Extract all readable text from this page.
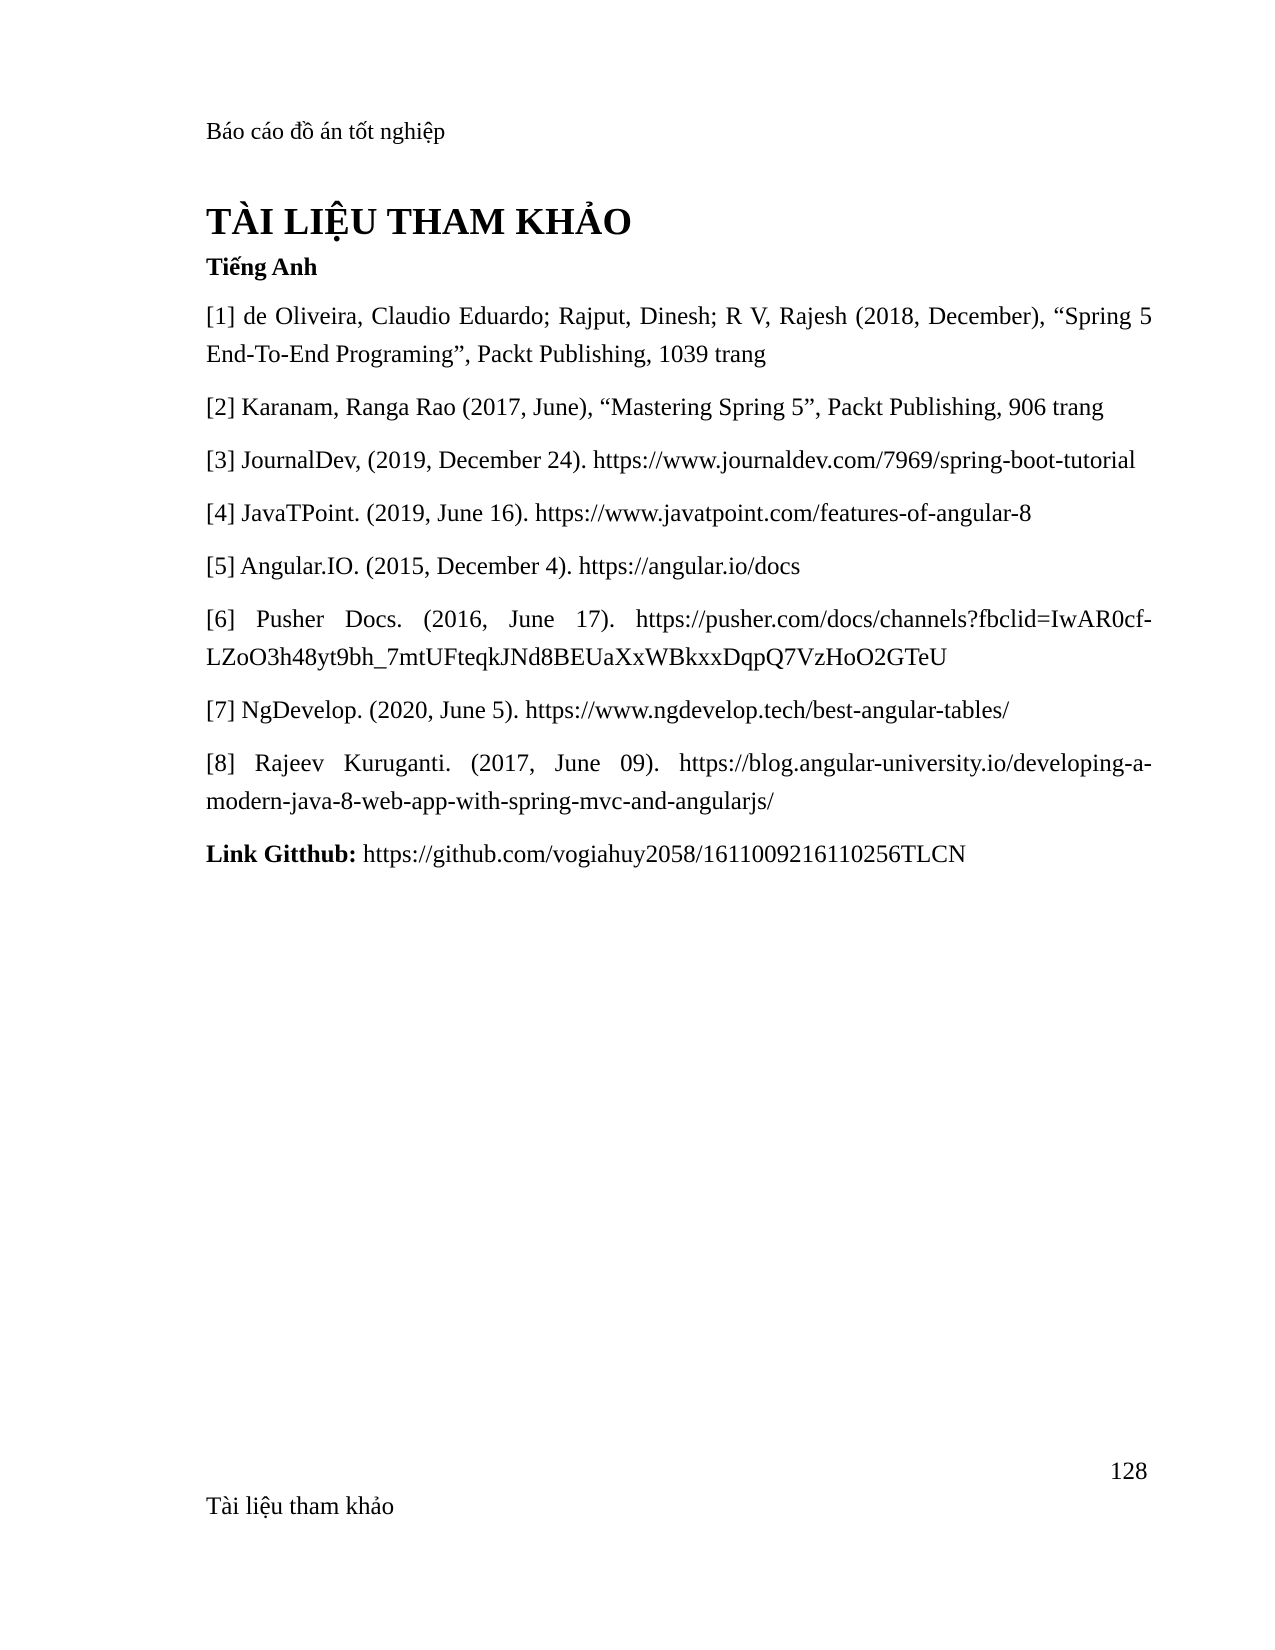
Báo cáo đồ án tốt nghiệp
TÀI LIỆU THAM KHẢO
Tiếng Anh

[1] de Oliveira, Claudio Eduardo; Rajput, Dinesh; R V, Rajesh (2018, December), “Spring 5 End-To-End Programing”, Packt Publishing, 1039 trang

[2] Karanam, Ranga Rao (2017, June), “Mastering Spring 5”, Packt Publishing, 906 trang

[3] JournalDev, (2019, December 24). https://www.journaldev.com/7969/spring-boot-tutorial

[4] JavaTPoint. (2019, June 16). https://www.javatpoint.com/features-of-angular-8

[5] Angular.IO. (2015, December 4). https://angular.io/docs

[6] Pusher Docs. (2016, June 17). https://pusher.com/docs/channels?fbclid=IwAR0cf-LZoO3h48yt9bh_7mtUFteqkJNd8BEUaXxWBkxxDqpQ7VzHoO2GTeU

[7] NgDevelop. (2020, June 5). https://www.ngdevelop.tech/best-angular-tables/

[8] Rajeev Kuruganti. (2017, June 09). https://blog.angular-university.io/developing-a-modern-java-8-web-app-with-spring-mvc-and-angularjs/

Link Gitthub: https://github.com/vogiahuy2058/1611009216110256TLCN

128
Tài liệu tham khảo
